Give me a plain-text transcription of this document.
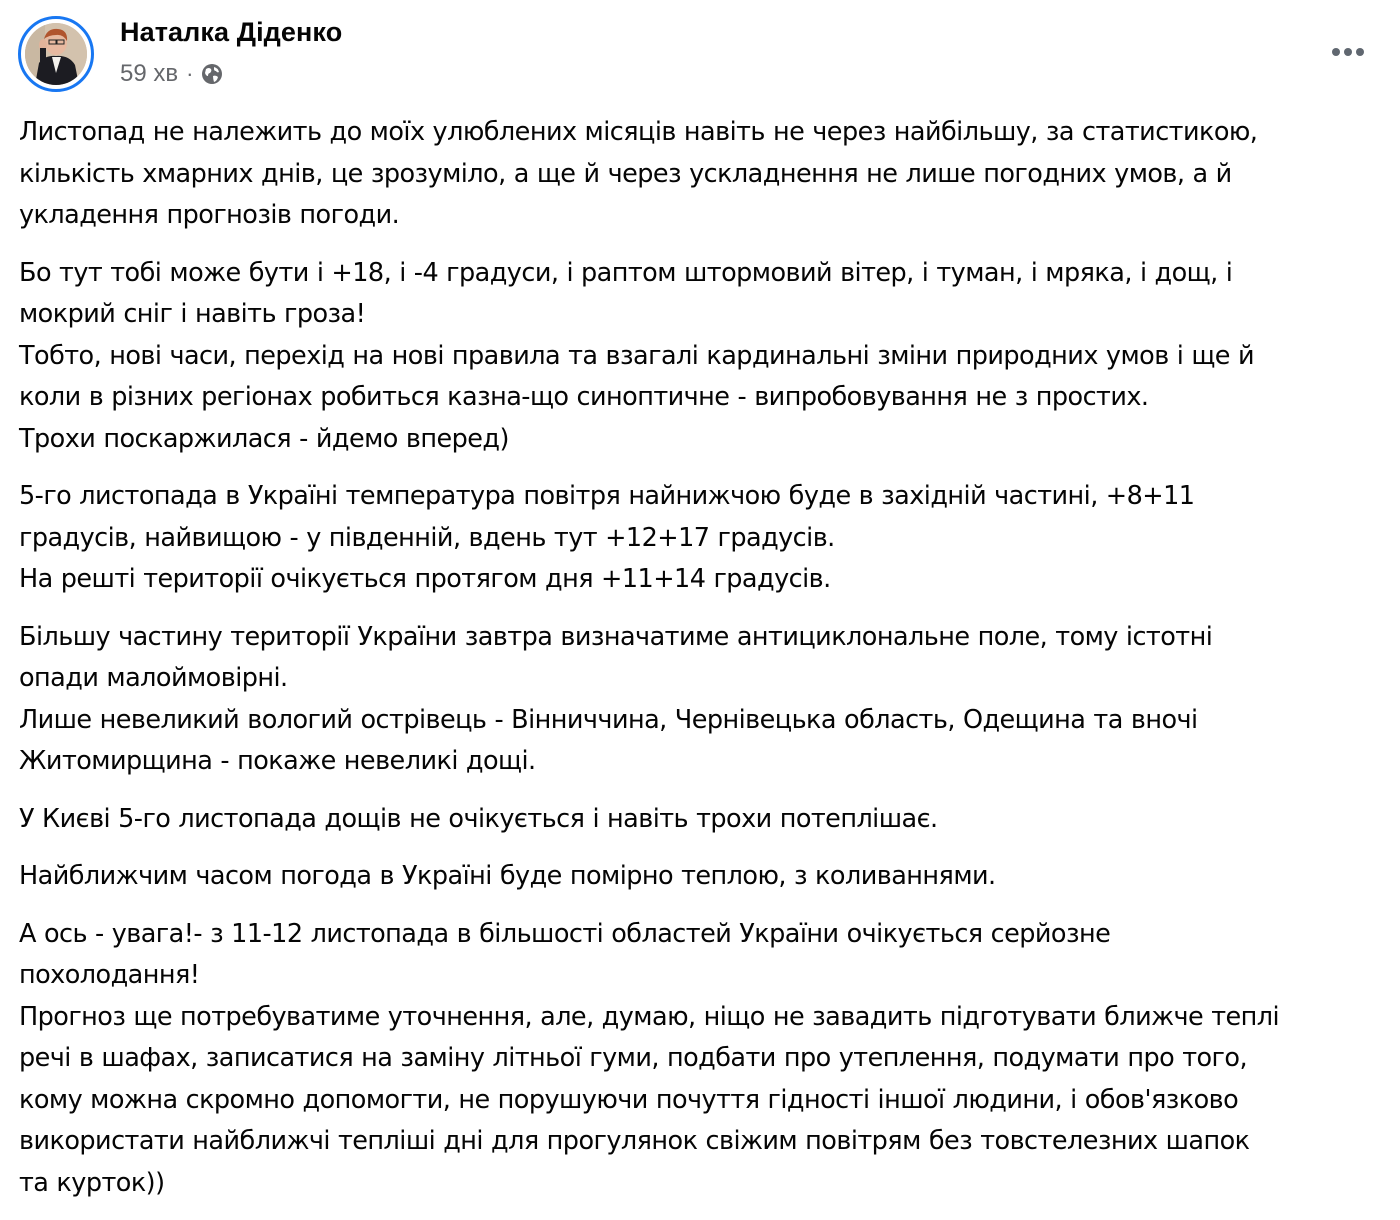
Наталка Діденко
59 хв ·

Листопад не належить до моїх улюблених місяців навіть не через найбільшу, за статистикою,
кількість хмарних днів, це зрозуміло, а ще й через ускладнення не лише погодних умов, а й
укладення прогнозів погоди.

Бо тут тобі може бути і +18, і -4 градуси, і раптом штормовий вітер, і туман, і мряка, і дощ, і
мокрий сніг і навіть гроза!
Тобто, нові часи, перехід на нові правила та взагалі кардинальні зміни природних умов і ще й
коли в різних регіонах робиться казна-що синоптичне - випробовування не з простих.
Трохи поскаржилася - йдемо вперед)

5-го листопада в Україні температура повітря найнижчою буде в західній частині, +8+11
градусів, найвищою - у південній, вдень тут +12+17 градусів.
На решті території очікується протягом дня +11+14 градусів.

Більшу частину території України завтра визначатиме антициклональне поле, тому істотні
опади малоймовірні.
Лише невеликий вологий острівець - Вінниччина, Чернівецька область, Одещина та вночі
Житомирщина - покаже невеликі дощі.

У Києві 5-го листопада дощів не очікується і навіть трохи потеплішає.

Найближчим часом погода в Україні буде помірно теплою, з коливаннями.

А ось - увага!- з 11-12 листопада в більшості областей України очікується серйозне
похолодання!
Прогноз ще потребуватиме уточнення, але, думаю, ніщо не завадить підготувати ближче теплі
речі в шафах, записатися на заміну літньої гуми, подбати про утеплення, подумати про того,
кому можна скромно допомогти, не порушуючи почуття гідності іншої людини, і обов'язково
використати найближчі тепліші дні для прогулянок свіжим повітрям без товстелезних шапок
та курток))
